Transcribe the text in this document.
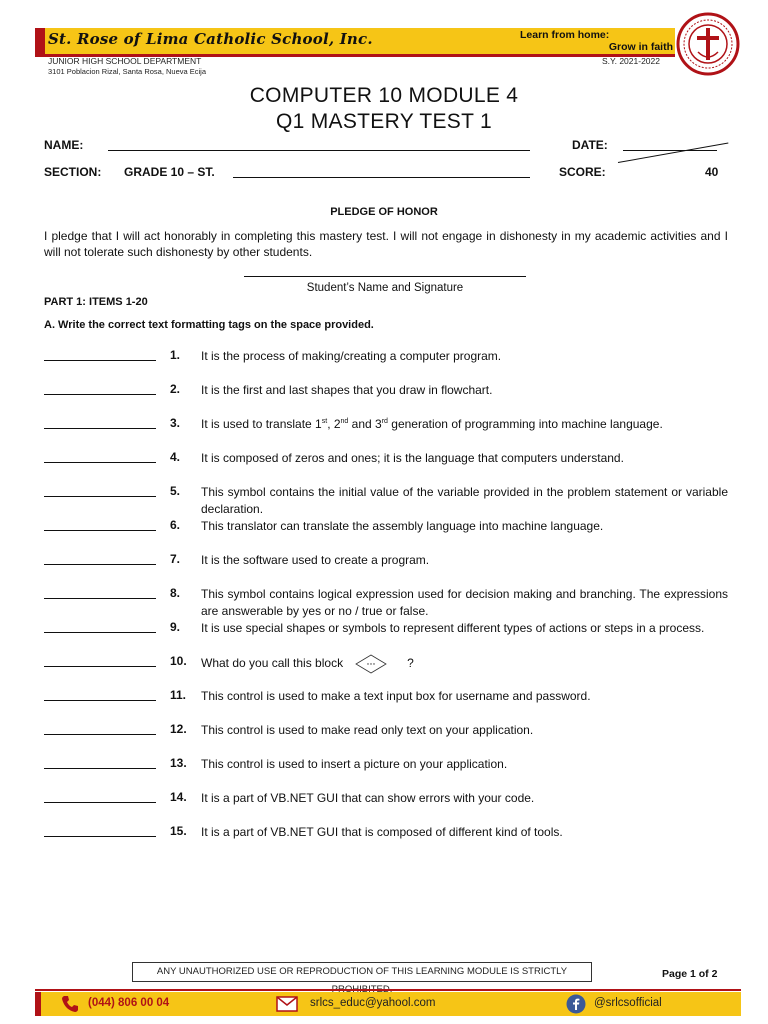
St. Rose of Lima Catholic School, Inc.	Learn from home:
Grow in faith
JUNIOR HIGH SCHOOL DEPARTMENT
3101 Poblacion Rizal, Santa Rosa, Nueva Ecija
S.Y. 2021-2022
COMPUTER 10 MODULE 4
Q1 MASTERY TEST 1
NAME:	DATE:
SECTION: GRADE 10 – ST.	SCORE:	40
PLEDGE OF HONOR
I pledge that I will act honorably in completing this mastery test. I will not engage in dishonesty in my academic activities and I will not tolerate such dishonesty by other students.
Student’s Name and Signature
PART 1: ITEMS 1-20
A. Write the correct text formatting tags on the space provided.
1.	It is the process of making/creating a computer program.
2.	It is the first and last shapes that you draw in flowchart.
3.	It is used to translate 1st, 2nd and 3rd generation of programming into machine language.
4.	It is composed of zeros and ones; it is the language that computers understand.
5.	This symbol contains the initial value of the variable provided in the problem statement or variable declaration.
6.	This translator can translate the assembly language into machine language.
7.	It is the software used to create a program.
8.	This symbol contains logical expression used for decision making and branching. The expressions are answerable by yes or no / true or false.
9.	It is use special shapes or symbols to represent different types of actions or steps in a process.
10.	What do you call this block	?
11.	This control is used to make a text input box for username and password.
12.	This control is used to make read only text on your application.
13.	This control is used to insert a picture on your application.
14.	It is a part of VB.NET GUI that can show errors with your code.
15.	It is a part of VB.NET GUI that is composed of different kind of tools.
ANY UNAUTHORIZED USE OR REPRODUCTION OF THIS LEARNING MODULE IS STRICTLY	Page 1 of 2
(044) 806 00 04	srlcs_educ@yahool.com	@srlcsofficial
